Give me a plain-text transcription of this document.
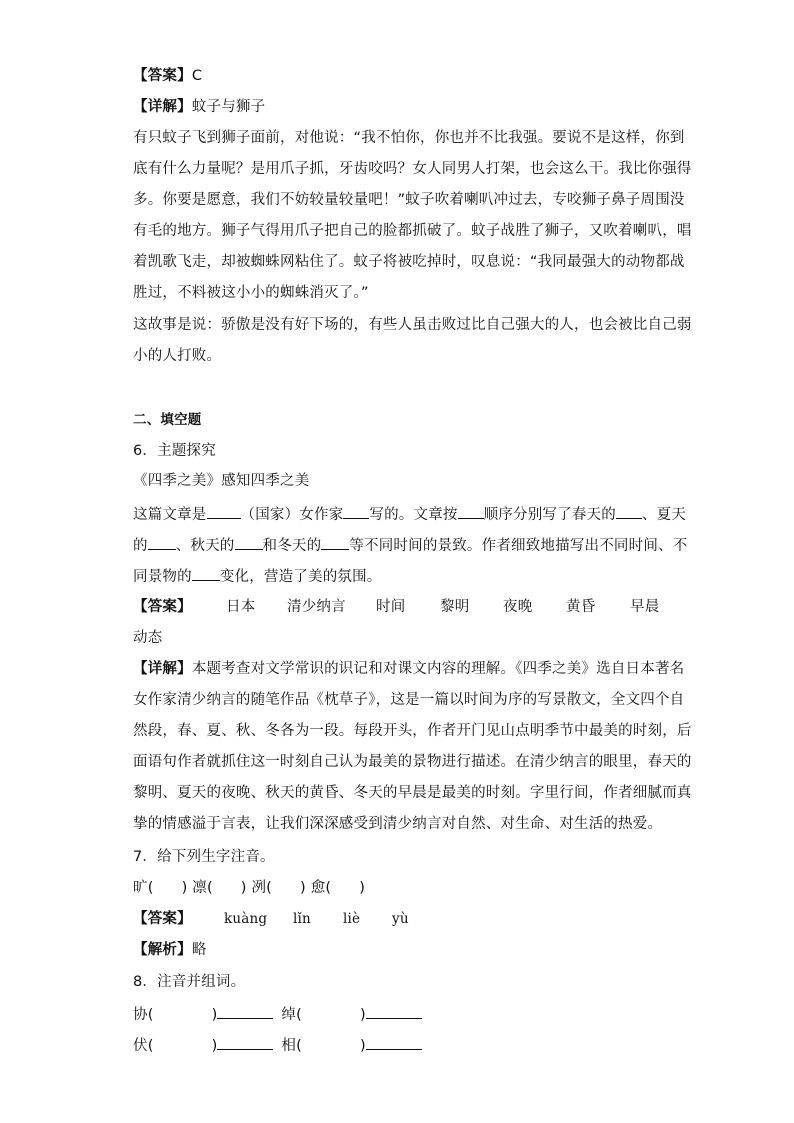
【答案】C
【详解】蚊子与狮子
有只蚊子飞到狮子面前，对他说：“我不怕你，你也并不比我强。要说不是这样，你到
底有什么力量呢？是用爪子抓，牙齿咬吗？女人同男人打架，也会这么干。我比你强得
多。你要是愿意，我们不妨较量较量吧！”蚊子吹着喇叭冲过去，专咬狮子鼻子周围没
有毛的地方。狮子气得用爪子把自己的脸都抓破了。蚊子战胜了狮子，又吹着喇叭，唱
着凯歌飞走，却被蜘蛛网粘住了。蚊子将被吃掉时，叹息说：“我同最强大的动物都战
胜过，不料被这小小的蜘蛛消灭了。”
这故事是说：骄傲是没有好下场的，有些人虽击败过比自己强大的人，也会被比自己弱
小的人打败。
二、填空题
6．主题探究
《四季之美》感知四季之美
这篇文章是 （国家）女作家 写的。文章按 顺序分别写了春天的 、夏天
的 、秋天的 和冬天的 等不同时间的景致。作者细致地描写出不同时间、不
同景物的 变化，营造了美的氛围。
【答案】 日本 清少纳言 时间 黎明 夜晚 黄昏 早晨
动态
【详解】本题考查对文学常识的识记和对课文内容的理解。《四季之美》选自日本著名
女作家清少纳言的随笔作品《枕草子》，这是一篇以时间为序的写景散文，全文四个自
然段，春、夏、秋、冬各为一段。每段开头，作者开门见山点明季节中最美的时刻，后
面语句作者就抓住这一时刻自己认为最美的景物进行描述。在清少纳言的眼里，春天的
黎明、夏天的夜晚、秋天的黄昏、冬天的早晨是最美的时刻。字里行间，作者细腻而真
挚的情感溢于言表，让我们深深感受到清少纳言对自然、对生命、对生活的热爱。
7．给下列生字注音。
旷( ) 凛( ) 冽( ) 愈( )
【答案】 kuàng lǐn liè yù
【解析】略
8．注音并组词。
协(	)	绰(	)
伏(	)	相(	)
